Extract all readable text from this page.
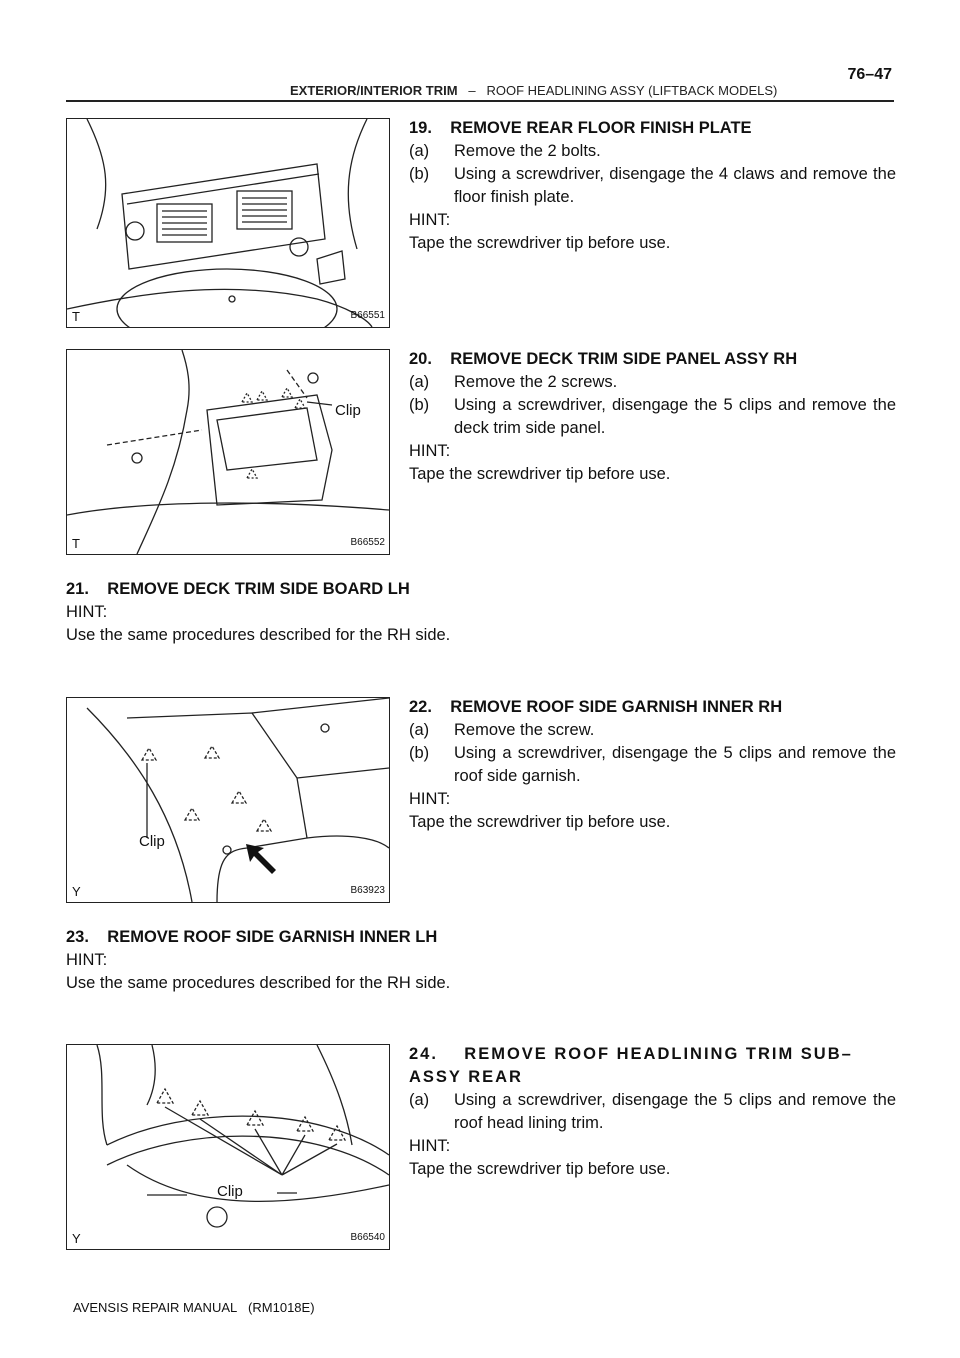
76–47
EXTERIOR/INTERIOR TRIM – ROOF HEADLINING ASSY (LIFTBACK MODELS)
T	B66551
Clip
T	B66552
Clip
Y	B63923
Clip
Y	B66540
19.    REMOVE REAR FLOOR FINISH PLATE
(a) Remove the 2 bolts.
(b) Using a screwdriver, disengage the 4 claws and remove the floor finish plate.
HINT:
Tape the screwdriver tip before use.
20.    REMOVE DECK TRIM SIDE PANEL ASSY RH
(a) Remove the 2 screws.
(b) Using a screwdriver, disengage the 5 clips and remove the deck trim side panel.
HINT:
Tape the screwdriver tip before use.
21.    REMOVE DECK TRIM SIDE BOARD LH
HINT:
Use the same procedures described for the RH side.
22.    REMOVE ROOF SIDE GARNISH INNER RH
(a) Remove the screw.
(b) Using a screwdriver, disengage the 5 clips and remove the roof side garnish.
HINT:
Tape the screwdriver tip before use.
23.    REMOVE ROOF SIDE GARNISH INNER LH
HINT:
Use the same procedures described for the RH side.
24.    REMOVE ROOF HEADLINING TRIM SUB–ASSY REAR
(a) Using a screwdriver, disengage the 5 clips and remove the roof head lining trim.
HINT:
Tape the screwdriver tip before use.
AVENSIS REPAIR MANUAL   (RM1018E)
